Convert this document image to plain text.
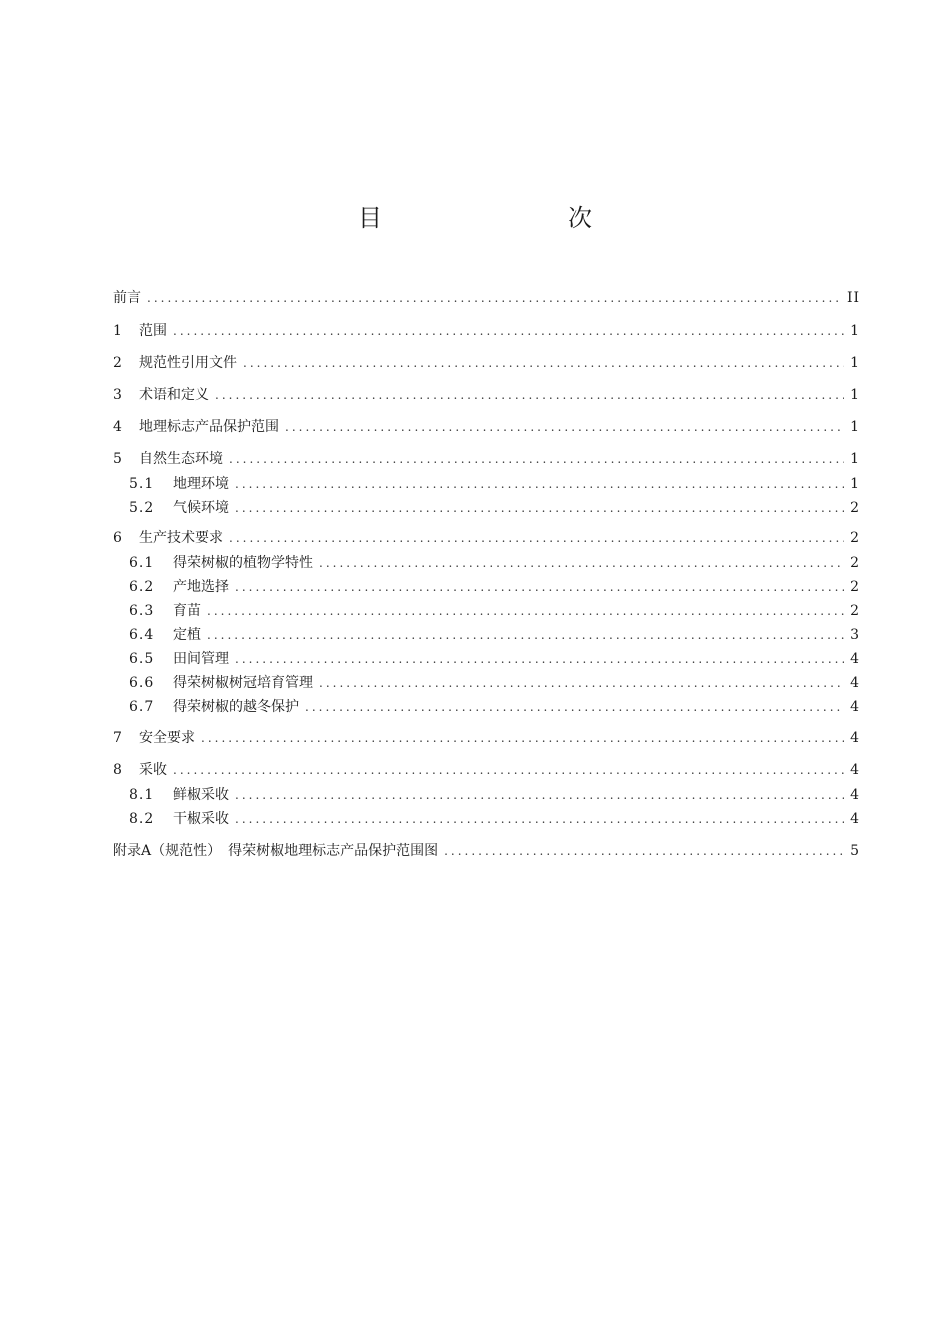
目　　次
前言 .....	II
1	范围 .....	1
2	规范性引用文件 .....	1
3	术语和定义 .....	1
4	地理标志产品保护范围 .....	1
5	自然生态环境 .....	1
5.1	地理环境 .....	1
5.2	气候环境 .....	2
6	生产技术要求 .....	2
6.1	得荣树椒的植物学特性 .....	2
6.2	产地选择 .....	2
6.3	育苗 .....	2
6.4	定植 .....	3
6.5	田间管理 .....	4
6.6	得荣树椒树冠培育管理 .....	4
6.7	得荣树椒的越冬保护 .....	4
7	安全要求 .....	4
8	采收 .....	4
8.1	鲜椒采收 .....	4
8.2	干椒采收 .....	4
附录A（规范性）　得荣树椒地理标志产品保护范围图 .....	5
